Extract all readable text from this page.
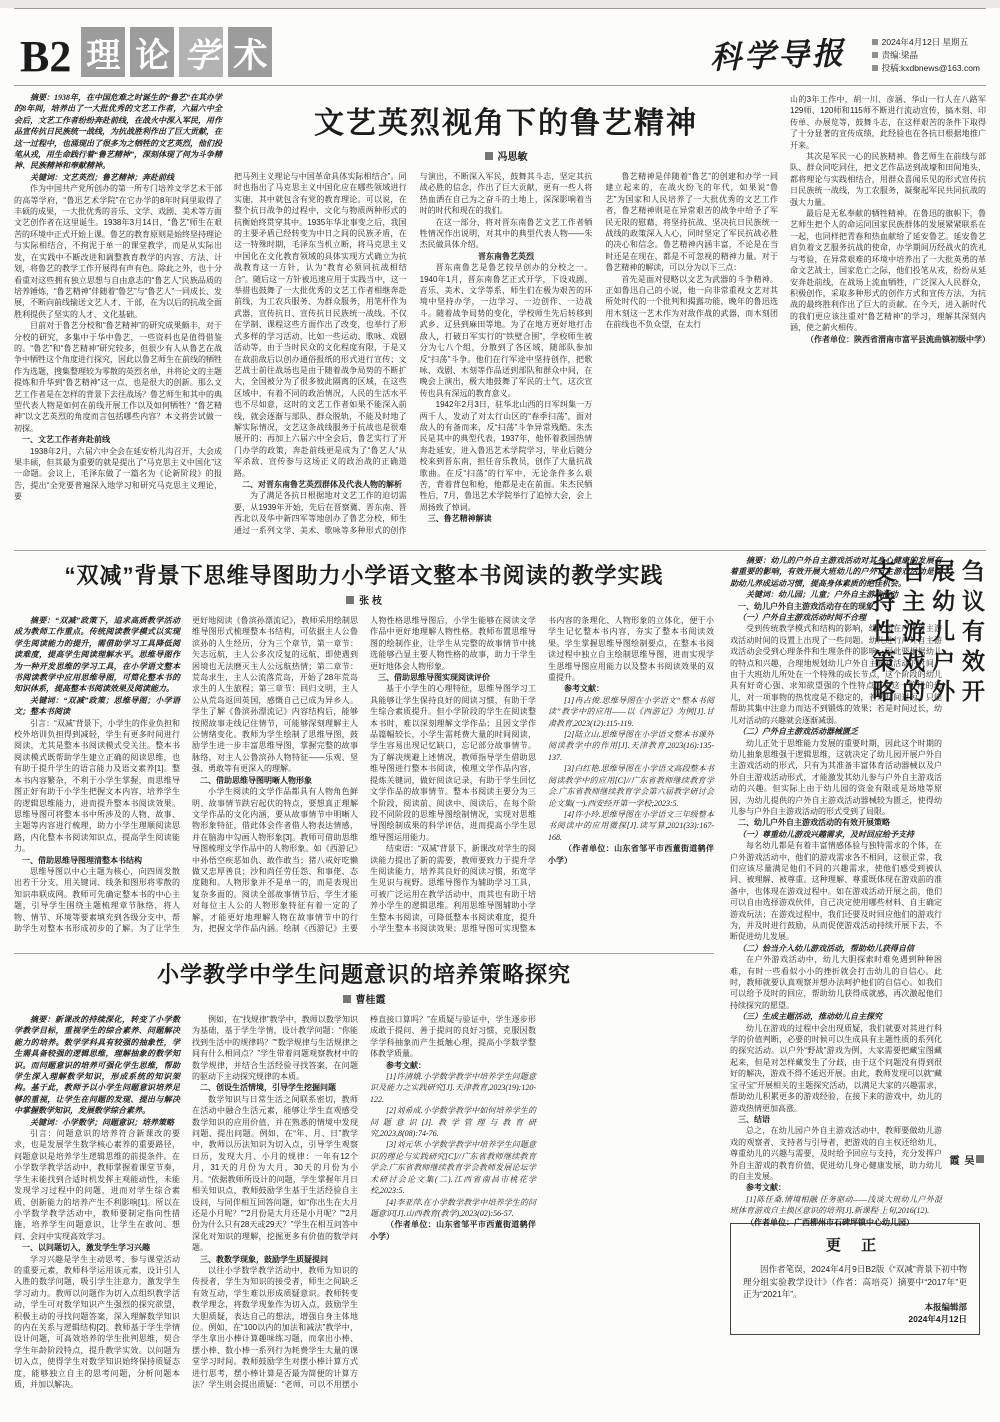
B2 理 论 学 术	科学导报	2024年4月12日 星期五
责编:梁晶
投稿:kxdbnews@163.com

摘要：1938年，在中国危难之时诞生的“鲁艺”在其办学的8年间，培养出了一大批优秀的文艺工作者，六届六中全会后，文艺工作者纷纷奔赴前线，在战火中深入军民，用作品宣传抗日民族统一战线，为抗战胜利作出了巨大贡献，在这一过程中，也涌现出了很多为之牺牲的文艺英烈，他们投笔从戎，用生命践行着“鲁艺精神”，深刻体现了何为斗争精神、民族精神和奉献精神。

关键词：文艺英烈；鲁艺精神；奔赴前线

作为中国共产党所创办的第一所专门培养文学艺术干部的高等学府，“鲁迅艺术学院”在它办学的8年时间里取得了丰硕的成果，一大批优秀的音乐、文学、戏剧、美术等方面文艺创作者在这里诞生。1938年3月14日，“鲁艺”师生在艰苦的环境中正式开始上课。鲁艺的教育原则是始终坚持理论与实际相结合，不拘泥于单一的课堂教学，而是从实际出发，在实践中不断改进和调整教育教学的内容、方法、计划，将鲁艺的教学工作开展得有声有色。除此之外，也十分看重对这些拥有独立思想与自由意志的“鲁艺人”民族品质的培养锤炼，“鲁艺精神”伴随着“鲁艺”与“鲁艺人”一同成长、发展，不断向前线输送文艺人才、干部，在为以后的抗战全面胜利提供了坚实的人才、文化基础。

目前对于鲁艺分校和“鲁艺精神”的研究成果颇丰，对于分校的研究，多集中于华中鲁艺，一些资料也是值得借鉴的。“鲁艺”和“鲁艺精神”研究较多，但很少有人从鲁艺在战争中牺牲这个角度进行探究，因此以鲁艺师生在前线的牺牲作为选题，搜集整理较为零散的英烈名单，并将论文的主题提炼和升华到“鲁艺精神”这一点，也是很大的创新。那么文艺工作者是在怎样的背景下去往战场？鲁艺师生和其中的典型代表人物是如何在前线开展工作以及如何牺牲？“鲁艺精神”以文艺英烈的角度而言包括哪些内容？本文将尝试做一初探。

一、文艺工作者奔赴前线

1938年2月，六届六中全会在延安桥儿沟召开，大会成果丰硕，但其最为重要的就是提出了“马克思主义中国化”这一命题。会议上，毛泽东做了一篇名为《论新阶段》的报告，提出“全党要普遍深入地学习和研究马克思主义理论，要

文艺英烈视角下的鲁艺精神
冯思敏

把马列主义理论与中国革命具体实际相结合”。同时也指出了马克思主义中国化应在哪些领域进行实施，其中就包含有党的教育理论。可以说，在整个抗日战争的过程中，文化与物质两种形式的抗衡始终贯穿其中。1935年华北事变之后，我国的主要矛盾已经转变为中日之间的民族矛盾，在这一特殊时期，毛泽东当机立断，将马克思主义中国化在文化教育领域的具体实现方式确立为抗战教育这一方针，认为“教育必须同抗战相结合”。随后这一方针被迅速应用于实践当中，这一举措也鼓舞了一大批优秀的文艺工作者相继奔赴前线，为工农兵服务、为群众服务，用笔杆作为武器，宣传抗日、宣传抗日民族统一战线。不仅在学制、课程这些方面作出了改变，也举行了形式多样的学习活动，比如一些运动、歌咏、戏剧活动等，由于当时民众的文化程度有限，于是又在敌前敌后以创办通俗报纸的形式进行宣传；文艺战士前往战场也是由于随着战争局势的不断扩大，全国被分为了很多彼此隔离的区域，在这些区域中，有着不同的政治情况，人民的生活水平也不尽如意，这时的文艺工作者如果不能深入前线，就会逐渐与部队、群众脱轨，不能及时地了解实际情况，文艺这条战线服务于抗战也是很难展开的；再加上六届六中全会后，鲁艺实行了开门办学的政策，奔赴前线更是成为了“鲁艺人”从军杀敌、宣传参与这场正义的政治战的正确道路。

二、对晋东南鲁艺英烈群体及代表人物的解析

为了满足各抗日根据地对文艺工作的迫切需要，从1939年开始，先后在晋察冀、晋东南、晋西北以及华中新四军等地创办了鲁艺分校，师生通过一系列文学、美术、歌咏等多种形式的创作与演出，不断深入军民，鼓舞其斗志，坚定其抗战必胜的信念，作出了巨大贡献，更有一些人将热血洒在自己为之奋斗的土地上，深深影响着当时的时代和现在的我们。

在这一部分，将对晋东南鲁艺文艺工作者牺牲情况作出说明，对其中的典型代表人物——朱杰民做具体介绍。

晋东南鲁艺英烈

晋东南鲁艺是鲁艺较早创办的分校之一。1940年1月，晋东南鲁艺正式开学，下设戏剧、音乐、美术、文学等系，师生们在极为艰苦的环境中坚持办学，一边学习、一边创作、一边战斗。随着战争局势的变化，学校师生先后转移到武乡、辽县到麻田等地。为了在地方更好地打击敌人，打破日军实行的“铁壁合围”，学校师生被分为七八个组，分散到了各区域，随部队参加反“扫荡”斗争。他们在行军途中坚持创作，把歌咏、戏剧、木刻等作品送到部队和群众中间，在晚会上演出，极大地鼓舞了军民的士气，这次宣传也具有深远的教育意义。

1942年2月3日，驻华北山西的日军纠集一万两千人，发动了对太行山区的“春季扫荡”，面对敌人的有备而来，反“扫荡”斗争异常残酷。朱杰民是其中的典型代表，1937年，他怀着救国热情奔赴延安，进入鲁迅艺术学院学习，毕业后随分校来到晋东南，担任音乐教员，创作了大量抗战歌曲。在反“扫荡”的行军中，无论条件多么艰苦，背着背包和枪，他都是走在前面。朱杰民牺牲后，7月，鲁迅艺术学院举行了追悼大会，会上周扬致了悼词。

三、鲁艺精神解读

鲁艺精神是伴随着“鲁艺”的创建和办学一同建立起来的，在战火纷飞的年代，如果说“鲁艺”为国家和人民培养了一大批优秀的文艺工作者，鲁艺精神则是在异常艰苦的战争中给予了军民无限的慰藉，将坚持抗战、坚决抗日民族统一战线的政策深入人心，同时坚定了军民抗战必胜的决心和信念。鲁艺精神内涵丰富，不论是在当时还是在现在，都是不可忽视的精神力量。对于鲁艺精神的解读，可以分为以下三点：

首先是面对侵略以文艺为武器的斗争精神。正如鲁迅自己的小说，他一向非常重视文艺对其所处时代的一个批判和揭露功能，晚年的鲁迅选用木刻这一艺术作为对敌作战的武器，而木刻团在前线也不负众望，在太行

山的3年工作中，胡一川、彦涵、华山一行人在八路军129师、120师和115师不断进行流动宣传，搞木刻、印传单、办展览等，鼓舞斗志，在这样艰苦的条件下取得了十分显著的宣传成绩，此经验也在各抗日根据地推广开来。

其次是军民一心的民族精神。鲁艺师生在前线与部队、群众同吃同住，把文艺作品送到战壕和田间地头，都将理论与实践相结合，用群众喜闻乐见的形式宣传抗日民族统一战线，为工农服务，凝聚起军民共同抗战的强大力量。

最后是无私奉献的牺牲精神。在鲁迅的旗帜下，鲁艺师生把个人的命运同国家民族群体的发展紧紧联系在一起，也同样把青春和热血献给了延安鲁艺。延安鲁艺肩负着文艺服务抗战的使命，办学期间历经战火的洗礼与考验，在异常艰难的环境中培养出了一大批英勇的革命文艺战士，国家危亡之际，他们投笔从戎，纷纷从延安奔赴前线，在战场上流血牺牲，广泛深入人民群众，积极创作，采取多种形式的创作方式和宣传方法，为抗战的最终胜利作出了巨大的贡献。在今天，进入新时代的我们更应该注重对“鲁艺精神”的学习，理解其深刻内涵，使之薪火相传。

（作者单位：陕西省渭南市富平县流曲镇初级中学）

“双减”背景下思维导图助力小学语文整本书阅读的教学实践
张 枝

摘要：“双减”政策下，追求高质教学活动成为教师工作重点。传统阅读教学模式以实现学生阅读能力的提升，需借助学习工具降低阅读难度，提高学生阅读理解水平。思维导图作为一种开发思维的学习工具，在小学语文整本书阅读教学中应用思维导图，可简化整本书的知识体系，提高整本书阅读效果及阅读能力。

关键词：“双减”政策；思维导图；小学语文；整本书阅读

引言：“双减”背景下，小学生的作业负担和校外培训负担得到减轻，学生有更多时间进行阅读，尤其是整本书阅读模式受关注。整本书阅读模式既帮助学生建立正确的阅读思维，也有助于提升学生的语言能力及语文素养[1]。整本书内容繁杂，不利于小学生掌握，而思维导图正好有助于小学生把握文本内容，培养学生的逻辑思维能力，进而提升整本书阅读效果。思维导图可将整本书中所涉及的人物、故事、主题等内容进行梳理，助力小学生理顺阅读思路，内化整本书阅读知识点，提高学生阅读能力。

一、借助思维导图理清整本书结构

思维导图以中心主题为核心，向四周发散出若干分支，用关键词、线条和图形将零散的知识串联成网。教师可先确定整本书的中心主题，引导学生围绕主题梳理章节脉络，将人物、情节、环境等要素填充到各级分支中，帮助学生对整本书形成初步的了解。为了让学生更好地阅读《鲁滨孙漂流记》，教师采用绘制思维导图形式梳理整本书结构，可依据主人公鲁滨孙的人生经历，分为三个章节，第一章节：矢志远航，主人公多次反复的远航，即使遇到困境也无法磨灭主人公远航热情；第二章节：荒岛求生，主人公流落荒岛，开始了28年荒岛求生的人生旅程；第三章节：回归文明，主人公从荒岛返回英国，感慨自己已成为异乡人。学生了解《鲁滨孙漂流记》内容结构后，能够按照故事走线记住情节，可能够深刻理解主人公情绪变化。教师为学生绘制了思维导图，鼓励学生进一步丰富思维导图，掌握完整的故事脉络，对主人公鲁滨孙人物特征——乐观、坚强、勇敢等有更深入的理解。

二、借助思维导图明晰人物形象

小学生阅读的文学作品都具有人物角色鲜明、故事情节跌宕起伏的特点，要想真正理解文学作品的文化内涵，要从故事情节中明晰人物形象特征，借此体会作者借人物表达情感，并在脑海中勾画人物形象[3]。教师可借助思维导图梳理文学作品中的人物形象。如《西游记》中孙悟空疾恶如仇、敢作敢当；猪八戒好吃懒做又忠厚善良；沙和尚任劳任怨、和事佬、态度随和。人物形象并不是单一的，而是表现出复杂多面的。阅读全部故事情节后，学生才能对每位主人公的人物形象特征有着一定的了解，才能更好地理解人物在故事情节中的行为，把握文学作品内涵。绘制《西游记》主要人物性格思维导图后，小学生能够在阅读文学作品中更好地理解人物性格。教师布置思维导图的绘制作业，让学生从完整的故事情节中挑选能够凸显主要人物性格的故事，助力于学生更好地体会人物形象。

三、借助思维导图实现阅读评价

基于小学生的心理特征，思维导图学习工具能够让学生保持良好的阅读习惯，有助于学生综合素质提升。但小学阶段的学生在阅读整本书时，难以深刻理解文学作品；且因文学作品篇幅较长，小学生需耗费大量的时间阅读，学生容易出现记忆缺口，忘记部分故事情节。为了解决规避上述情况，教师指导学生借助思维导图进行整本书阅读，梳理文学作品内容，提炼关键词，做好阅读记录，有助于学生回忆文学作品的故事情节。整本书阅读主要分为三个阶段，阅读前、阅读中、阅读后，在每个阶段不同阶段的思维导图绘制情况，实现对思维导图绘制成果的科学评估，进而提高小学生思维导图运用能力。

结束语：“双减”背景下，新课改对学生的阅读能力提出了新的需要，教师要致力于提升学生阅读能力，培养其良好的阅读习惯，拓宽学生见识与视野。思维导图作为辅助学习工具，可被广泛运用在教学活动中，而其也有助于培养小学生的逻辑思维。利用思维导图辅助小学生整本书阅读，可降低整本书阅读难度，提升小学生整本书阅读效果；思维导图可实现整本书内容的条理化、人物形象的立体化，便于小学生记忆整本书内容，夯实了整本书阅读效果。学生掌握思维导图绘制要点，在整本书阅读过程中独立自主绘制思维导图，进而实现学生思维导图应用能力以及整本书阅读效果的双重提升。

参考文献：

[1]冉占俊.思维导图在小学语文“整本书阅读”教学中的应用——以《西游记》为例[J].甘肃教育,2023(12):115-119.

[2]陆立山.思维导图在小学语文整本书课外阅读教学中的作用[J].天津教育,2023(16):135-137.

[3]白红艳.思维导图在小学语文高段整本书阅读教学中的应用[C]//广东省教师继续教育学会.广东省教师继续教育学会第六届教学研讨会论文集(一).西安经开第一学校;2023:5.

[4]许小玲.思维导图在小学语文三年级整本书阅读中的应用微探[J].读写算,2021(33):167-168.

（作者单位：山东省邹平市西董街道鹤伴小学）

小学教学中学生问题意识的培养策略探究
曹桂霞

摘要：新课改的持续深化，转变了小学数学教学目标，重视学生的综合素养、问题解决能力的培养。数学学科具有较强的抽象性，学生需具备较强的逻辑思维，理解抽象的数学知识。而问题意识的培养可强化学生思维，帮助学生深入理解数学知识，形成系统的知识架构。基于此，教师予以小学生问题意识培养足够的重视，让学生在问题的发现、提出与解决中掌握数学知识，发展数学综合素养。

关键词：小学数学；问题意识；培养策略

引言：问题意识的培养符合新课改的要求，也是发展学生数学核心素养的重要路径，问题意识是培养学生逻辑思维的前提条件。在小学数学教学活动中，教师掌握着课堂节奏，学生未能找到合适时机发挥主观能动性，未能发现学习过程中的问题，进而对学生综合素质、创新能力的培养产生不利影响[1]。所以在小学数学教学活动中，教师要制定指向性措施，培养学生问题意识，让学生在敢问、想问、会问中实现高效学习。

一、以问题切入，激发学生学习兴趣

学习兴趣是学生主动思考、参与课堂活动的重要元素，教师科学运用该元素，设计引人入胜的数学问题，吸引学生注意力，激发学生学习动力。教师以问题作为切入点组织教学活动，学生可对数学知识产生强烈的探究欲望，积极主动的寻找问题答案，深入理解数学知识的内在关系与逻辑结构[2]。教师基于学生学情设计问题，可高效培养的学生批判思维，契合学生年龄阶段特点，提升教学实效。以问题为切入点，使得学生对数学知识始终保持质疑态度，能够独立自主的思考问题，分析问题本质，并加以解决。

例如，在“找规律”教学中，教师以数学知识为基础，基于学生学情，设计教学问题：“你能找到生活中的规律吗？”“数学规律与生活规律之间有什么相同点？”学生带着问题观察教材中的数学规律，并结合生活经验寻找答案，在问题的驱动下主动探究规律的本质。

二、创设生活情境，引导学生挖掘问题

数学知识与日常生活之间联系密切，教师在活动中融合生活元素，能够让学生直观感受数学知识的应用价值，并在熟悉的情境中发现问题、提出问题。例如，在“年、月、日”教学中，教师以历法知识为切入点，引导学生观察日历，发现大月、小月的规律：一年有12个月，31天的月份为大月，30天的月份为小月。“依据教师所设计的问题，学生掌握年月日相关知识点，教师鼓励学生基于生活经验自主设问，与同伴相互回答问题，如“你出生在大月还是小月呢？”“2月份是大月还是小月呢？”“2月份为什么只有28天或29天？”学生在相互问答中深化对知识的理解，挖掘更多有价值的数学问题。

三、教数学现象，鼓励学生质疑提问

以往小学数学教学活动中，教师为知识的传授者，学生为知识的接受者，师生之间缺乏有效互动，学生难以形成质疑意识。教师转变教学理念，将数学现象作为切入点，鼓励学生大胆质疑，表达自己的想法，增强自身主体地位。例如，在“100以内的加法和减法”教学中，学生拿出小棒计算趣味练习题，而拿出小棒、摆小棒、数小棒一系列行为耗费学生大量的课堂学习时间。教师鼓励学生对摆小棒计算方式进行思考，摆小棒计算是否最为简便的计算方法？学生则会提出质疑：“老师，可以不用摆小棒直接口算吗？”在质疑与验证中，学生逐步形成敢于提问、善于提问的良好习惯，克服因数学学科抽象而产生抵触心理，提高小学数学整体教学质量。

参考文献：

[1]许清娥.小学数学教学中培养学生问题意识及能力之实践研究[J].天津教育,2023(19):120-122.

[2]刘希成.小学数学教学中如何培养学生的问题意识[J].教学管理与教育研究,2023,8(08):74-76.

[3]刘元华.小学数学教学中培养学生问题意识的理论与实践研究[C]//广东省教师继续教育学会.广东省教师继续教育学会教师发展论坛学术研讨会论文集(二).江西省南昌市桃花学校,2023:5.

[4]李亚萍.在小学数学教学中培养学生的问题意识[J].山西教育(教学),2023(02):56-57.

（作者单位：山东省邹平市西董街道鹤伴小学）

摘要：幼儿的户外自主游戏活动对其身心健康的发展有着重要的影响，有效开展大班幼儿的户外自主游戏活动是帮助幼儿养成运动习惯，提高身体素质的绝佳机会。

关键词：幼儿园；儿童；户外自主游戏活动

一、幼儿户外自主游戏活动存在的现象

（一）户外自主游戏活动时间不合理

受到传统教学模式和结构的影响，幼儿园在户外自主游戏活动时间的设置上出现了一些问题。幼儿进行户外自主游戏活动会受到心理条件和生理条件的影响，因此要根据幼儿的特点和兴趣，合理地规划幼儿户外自主游戏活动的时间。由于大班幼儿所处在一个特殊的成长节点，这个阶段的幼儿具有好奇心强、求知欲望强的个性特点，在这一阶段的幼儿，对一项事物的热忱度是不稳定的，若是时间过短，只能帮助其集中注意力而达不到锻炼的效果；若是时间过长，幼儿对活动的兴趣就会逐渐减弱。

（二）户外自主游戏活动器械匮乏

幼儿正处于思维能力发展的重要时期，因此这个时期的幼儿抽象思维强于逻辑思维，这就决定了幼儿园开展户外自主游戏活动的形式，只有为其准备丰富体育活动器械以及户外自主游戏活动形式，才能激发其幼儿参与户外自主游戏活动的兴趣。但实际上由于幼儿园的资金有限或是场地等原因，为幼儿提供的户外自主游戏活动器械较为匮乏，使得幼儿参与户外自主游戏活动的形式受到了局限。

二、幼儿户外自主游戏活动的有效开展策略

（一）尊重幼儿游戏兴趣需求，及时回应给予支持

每名幼儿都是有着丰富情感体验与独特需求的个体，在户外游戏活动中，他们的游戏需求各不相同，这很正常，我们应该尽量满足他们不同的兴趣需求，使他们感受到被认同、被理解、被尊重。这种理解、尊重既体现在游戏前的准备中，也体现在游戏过程中。如在游戏活动开展之前，他们可以自由选择游戏伙伴，自己决定使用哪些材料、自主确定游戏玩法；在游戏过程中，我们还要及时回应他们的游戏行为，并及时进行鼓励，从而促使游戏活动持续开展下去，不断促进幼儿发展。

（二）恰当介入幼儿游戏活动，帮助幼儿获得自信

在户外游戏活动中，幼儿大胆探索时难免遇到种种困难，有时一些看似小小的挫折就会打击幼儿的自信心。此时，教师就要认真观察并想办法呵护他们的自信心。如我们可以给予及时的回应，帮助幼儿获得成就感，再次激起他们持续探究的愿望。

（三）生成主题活动，推动幼儿自主探究

幼儿在游戏的过程中会出现质疑，我们就要对其进行科学的价值判断，必要的时候可以生成具有主题性质的系列化的探究活动。以户外“野战”游戏为例，大家需要把藏宝图藏起来，但是对怎样藏发生了分歧，由于这个问题没有得到很好的解决，游戏不得不延迟开展。由此，教师发现可以就“藏宝寻宝”开展相关的主题探究活动，以满足大家的兴趣需求，帮助幼儿积累更多的游戏经验，在接下来的游戏中，幼儿的游戏热情更加高涨。

三、结语

总之，在幼儿园户外自主游戏活动中，教师要做幼儿游戏的观察者、支持者与引导者，把游戏的自主权还给幼儿，尊重幼儿的兴趣与需要，及时给予回应与支持，充分发挥户外自主游戏的教育价值，促进幼儿身心健康发展，助力幼儿的自主发展。

参考文献：

[1]陈任桑.情境相融 任务驱动——浅谈大班幼儿户外混班体育游戏自主换区意识的培养[J].新课程·上旬,2016(12).

（作者单位：广西柳州市石碑坪镇中心幼儿园）

刍议有效开展幼儿户外自主游戏的支持性策略
吴 霞
更 正

因作者笔误，2024年4月9日B2版《“双减”背景下初中物理分组实验教学设计》（作者：高培亮）摘要中“2017年”更正为“2021年”。

本报编辑部

2024年4月12日
